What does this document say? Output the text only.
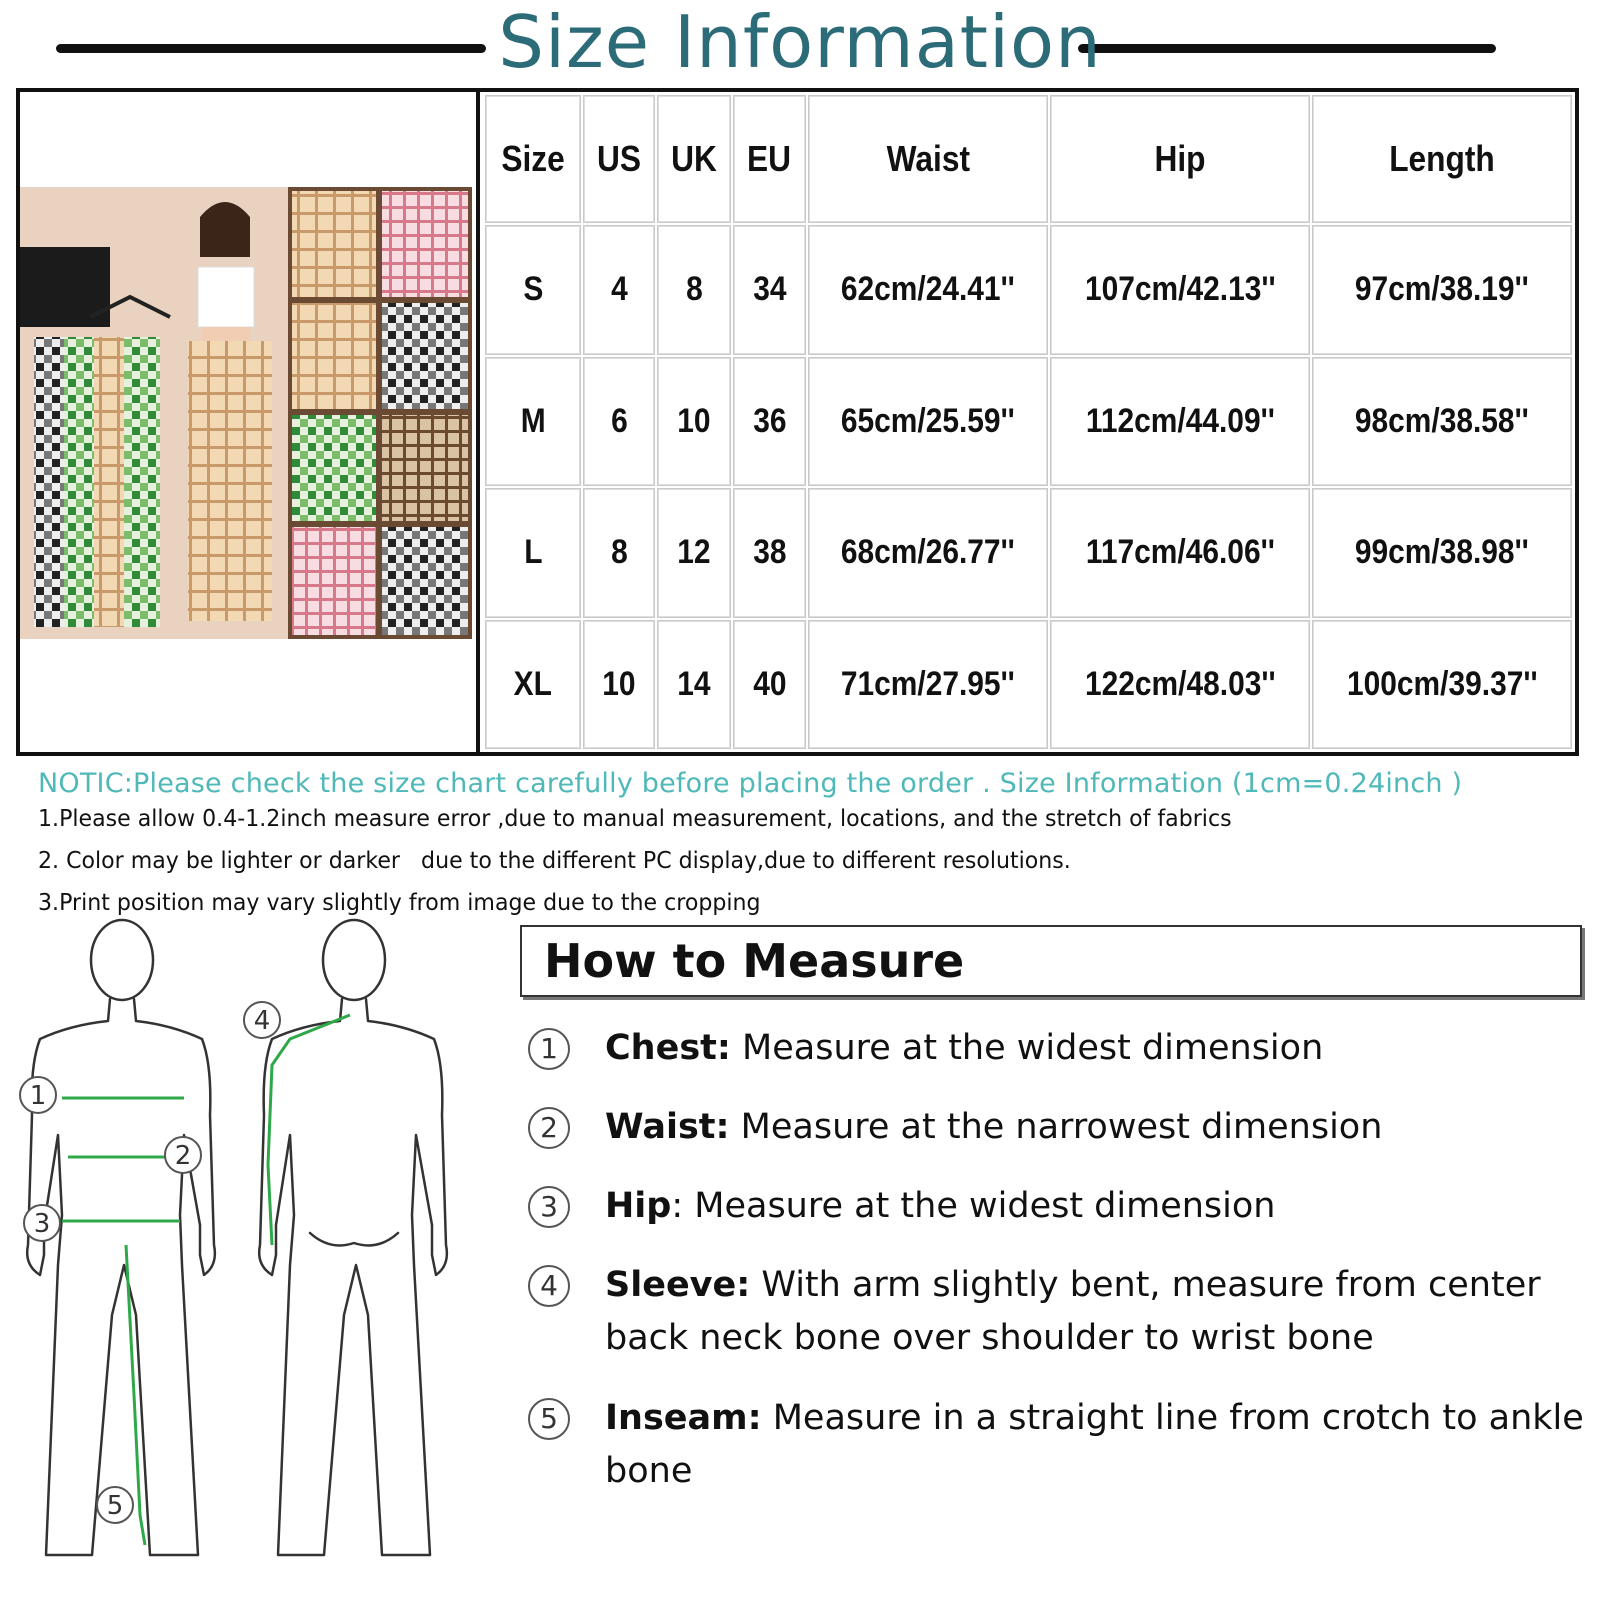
Size Information
Size	US	UK	EU	Waist	Hip	Length
S	4	8	34	62cm/24.41''	107cm/42.13''	97cm/38.19''
M	6	10	36	65cm/25.59''	112cm/44.09''	98cm/38.58''
L	8	12	38	68cm/26.77''	117cm/46.06''	99cm/38.98''
XL	10	14	40	71cm/27.95''	122cm/48.03''	100cm/39.37''
NOTIC:Please check the size chart carefully before placing the order . Size Information (1cm=0.24inch )
1.Please allow 0.4-1.2inch measure error ,due to manual measurement, locations, and the stretch of fabrics
2. Color may be lighter or darker   due to the different PC display,due to different resolutions.
3.Print position may vary slightly from image due to the cropping
1
2
3
4
5
How to Measure
1	Chest: Measure at the widest dimension
2	Waist: Measure at the narrowest dimension
3	Hip: Measure at the widest dimension
4	Sleeve: With arm slightly bent, measure from center back neck bone over shoulder to wrist bone
5	Inseam: Measure in a straight line from crotch to ankle bone
